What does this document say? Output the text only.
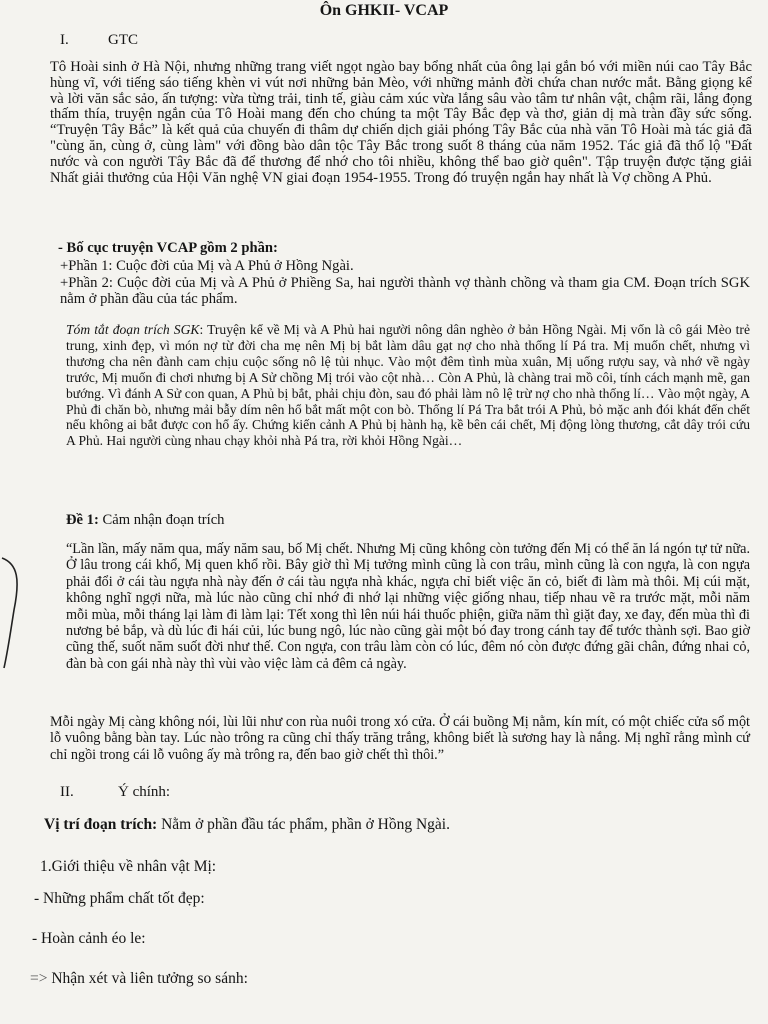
Ôn GHKII- VCAP
I.	GTC

Tô Hoài sinh ở Hà Nội, nhưng những trang viết ngọt ngào bay bổng nhất của ông lại gắn bó với miền núi cao Tây Bắc hùng vĩ, với tiếng sáo tiếng khèn vi vút nơi những bản Mèo, với những mảnh đời chứa chan nước mắt. Bằng giọng kể và lời văn sắc sảo, ấn tượng: vừa từng trải, tinh tế, giàu cảm xúc vừa lắng sâu vào tâm tư nhân vật, chậm rãi, lắng đọng thấm thía, truyện ngắn của Tô Hoài mang đến cho chúng ta một Tây Bắc đẹp và thơ, giản dị mà tràn đầy sức sống. “Truyện Tây Bắc” là kết quả của chuyến đi thâm dự chiến dịch giải phóng Tây Bắc của nhà văn Tô Hoài mà tác giả đã "cùng ăn, cùng ở, cùng làm" với đồng bào dân tộc Tây Bắc trong suốt 8 tháng của năm 1952. Tác giả đã thổ lộ "Đất nước và con người Tây Bắc đã để thương để nhớ cho tôi nhiều, không thể bao giờ quên". Tập truyện được tặng giải Nhất giải thưởng của Hội Văn nghệ VN giai đoạn 1954-1955. Trong đó truyện ngắn hay nhất là Vợ chồng A Phủ.

- Bố cục truyện VCAP gồm 2 phần:

+Phần 1: Cuộc đời của Mị và A Phủ ở Hồng Ngài.

+Phần 2: Cuộc đời của Mị và A Phủ ở Phiềng Sa, hai người thành vợ thành chồng và tham gia CM. Đoạn trích SGK nằm ở phần đầu của tác phẩm.

Tóm tắt đoạn trích SGK: Truyện kể về Mị và A Phủ hai người nông dân nghèo ở bản Hồng Ngài. Mị vốn là cô gái Mèo trẻ trung, xinh đẹp, vì món nợ từ đời cha mẹ nên Mị bị bắt làm dâu gạt nợ cho nhà thống lí Pá tra. Mị muốn chết, nhưng vì thương cha nên đành cam chịu cuộc sống nô lệ tủi nhục. Vào một đêm tình mùa xuân, Mị uống rượu say, và nhớ về ngày trước, Mị muốn đi chơi nhưng bị A Sử chồng Mị trói vào cột nhà… Còn A Phủ, là chàng trai mồ côi, tính cách mạnh mẽ, gan bướng. Vì đánh A Sử con quan, A Phủ bị bắt, phải chịu đòn, sau đó phải làm nô lệ trừ nợ cho nhà thống lí… Vào một ngày, A Phủ đi chăn bò, nhưng mải bẫy dím nên hổ bắt mất một con bò. Thống lí Pá Tra bắt trói A Phủ, bỏ mặc anh đói khát đến chết nếu không ai bắt được con hổ ấy. Chứng kiến cảnh A Phủ bị hành hạ, kề bên cái chết, Mị động lòng thương, cắt dây trói cứu A Phủ. Hai người cùng nhau chạy khỏi nhà Pá tra, rời khỏi Hồng Ngài…

Đề 1: Cảm nhận đoạn trích

“Lần lần, mấy năm qua, mấy năm sau, bố Mị chết. Nhưng Mị cũng không còn tưởng đến Mị có thể ăn lá ngón tự tử nữa. Ở lâu trong cái khổ, Mị quen khổ rồi. Bây giờ thì Mị tưởng mình cũng là con trâu, mình cũng là con ngựa, là con ngựa phải đổi ở cái tàu ngựa nhà này đến ở cái tàu ngựa nhà khác, ngựa chỉ biết việc ăn cỏ, biết đi làm mà thôi. Mị cúi mặt, không nghĩ ngợi nữa, mà lúc nào cũng chỉ nhớ đi nhớ lại những việc giống nhau, tiếp nhau vẽ ra trước mặt, mỗi năm mỗi mùa, mỗi tháng lại làm đi làm lại: Tết xong thì lên núi hái thuốc phiện, giữa năm thì giặt đay, xe đay, đến mùa thì đi nương bẻ bắp, và dù lúc đi hái củi, lúc bung ngô, lúc nào cũng gài một bó đay trong cánh tay để tước thành sợi. Bao giờ cũng thế, suốt năm suốt đời như thế. Con ngựa, con trâu làm còn có lúc, đêm nó còn được đứng gãi chân, đứng nhai cỏ, đàn bà con gái nhà này thì vùi vào việc làm cả đêm cả ngày.

Mỗi ngày Mị càng không nói, lùi lũi như con rùa nuôi trong xó cửa. Ở cái buồng Mị nằm, kín mít, có một chiếc cửa sổ một lỗ vuông bằng bàn tay. Lúc nào trông ra cũng chỉ thấy trăng trắng, không biết là sương hay là nắng. Mị nghĩ rằng mình cứ chỉ ngồi trong cái lỗ vuông ấy mà trông ra, đến bao giờ chết thì thôi.”

II.	Ý chính:
Vị trí đoạn trích: Nằm ở phần đầu tác phẩm, phần ở Hồng Ngài.
1.Giới thiệu về nhân vật Mị:
- Những phẩm chất tốt đẹp:
- Hoàn cảnh éo le:
=> Nhận xét và liên tưởng so sánh:
